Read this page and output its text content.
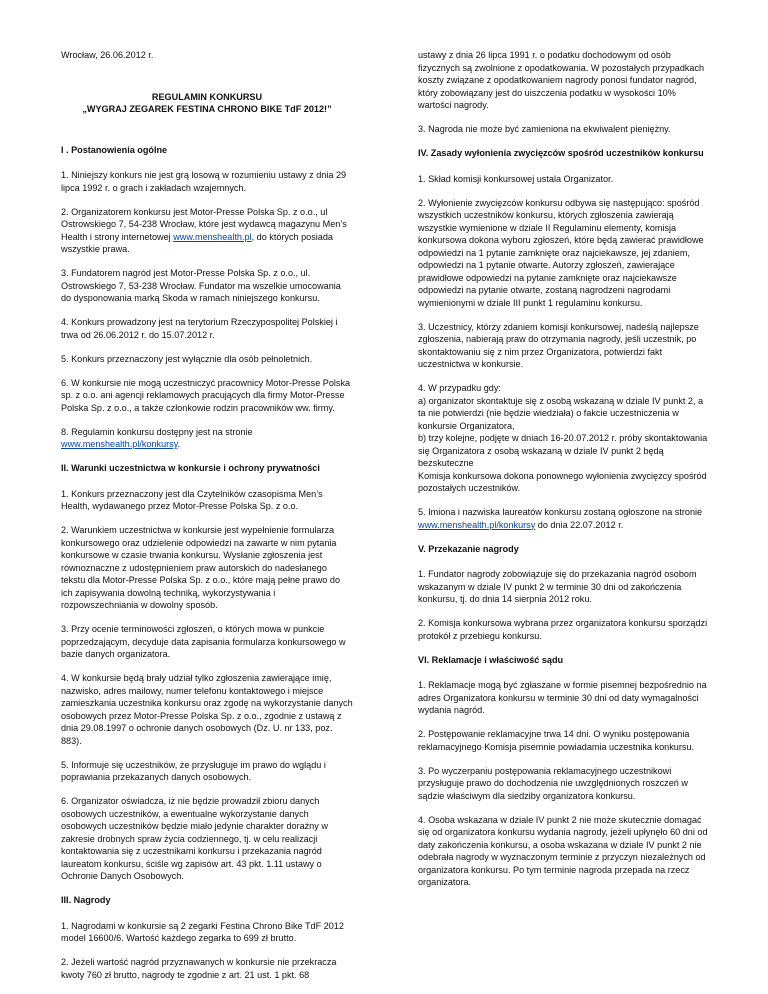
Wrocław, 26.06.2012 r.

REGULAMIN KONKURSU
„WYGRAJ ZEGAREK FESTINA CHRONO BIKE TdF 2012!”

I . Postanowienia ogólne

1. Niniejszy konkurs nie jest grą losową w rozumieniu ustawy z dnia 29 lipca 1992 r. o grach i zakładach wzajemnych.

2. Organizatorem konkursu jest Motor-Presse Polska Sp. z o.o., ul Ostrowskiego 7, 54-238 Wrocław, które jest wydawcą magazynu Men’s Health i strony internetowej www.menshealth.pl, do których posiada wszystkie prawa.

3. Fundatorem nagród jest Motor-Presse Polska Sp. z o.o., ul. Ostrowskiego 7, 53-238 Wrocław. Fundator ma wszelkie umocowania do dysponowania marką Skoda w ramach niniejszego konkursu.

4. Konkurs prowadzony jest na terytorium Rzeczypospolitej Polskiej i trwa od 26.06.2012 r. do 15.07.2012 r.

5. Konkurs przeznaczony jest wyłącznie dla osób pełnoletnich.

6. W konkursie nie mogą uczestniczyć pracownicy Motor-Presse Polska sp. z o.o. ani agencji reklamowych pracujących dla firmy Motor-Presse Polska Sp. z o.o., a także członkowie rodzin pracowników ww. firmy.

8. Regulamin konkursu dostępny jest na stronie
www.menshealth.pl/konkursy.

II. Warunki uczestnictwa w konkursie i ochrony prywatności

1. Konkurs przeznaczony jest dla Czytelników czasopisma Men’s Health, wydawanego przez Motor-Presse Polska Sp. z o.o.

2. Warunkiem uczestnictwa w konkursie jest wypełnienie formularza konkursowego oraz udzielenie odpowiedzi na zawarte w nim pytania konkursowe w czasie trwania konkursu. Wysłanie zgłoszenia jest równoznaczne z udostępnieniem praw autorskich do nadesłanego tekstu dla Motor-Presse Polska Sp. z o.o., które mają pełne prawo do ich zapisywania dowolną techniką, wykorzystywania i rozpowszechniania w dowolny sposób.

3. Przy ocenie terminowości zgłoszeń, o których mowa w punkcie poprzedzającym, decyduje data zapisania formularza konkursowego w bazie danych organizatora.

4. W konkursie będą brały udział tylko zgłoszenia zawierające imię, nazwisko, adres mailowy, numer telefonu kontaktowego i miejsce zamieszkania uczestnika konkursu oraz zgodę na wykorzystanie danych osobowych przez Motor-Presse Polska Sp. z o.o., zgodnie z ustawą z dnia 29.08.1997 o ochronie danych osobowych (Dz. U. nr 133, poz. 883).

5. Informuje się uczestników, że przysługuje im prawo do wglądu i poprawiania przekazanych danych osobowych.

6. Organizator oświadcza, iż nie będzie prowadził zbioru danych osobowych uczestników, a ewentualne wykorzystanie danych osobowych uczestników będzie miało jedynie charakter doraźny w zakresie drobnych spraw życia codziennego, tj. w celu realizacji kontaktowania się z uczestnikami konkursu i przekazania nagród laureatom konkursu, ściśle wg zapisów art. 43 pkt. 1.11 ustawy o Ochronie Danych Osobowych.

III. Nagrody

1. Nagrodami w konkursie są 2 zegarki Festina Chrono Bike TdF 2012 model 16600/6. Wartość każdego zegarka to 699 zł brutto.

2. Jeżeli wartość nagród przyznawanych w konkursie nie przekracza kwoty 760 zł brutto, nagrody te zgodnie z art. 21 ust. 1 pkt. 68

ustawy z dnia 26 lipca 1991 r. o podatku dochodowym od osób fizycznych są zwolnione z opodatkowania. W pozostałych przypadkach koszty związane z opodatkowaniem nagrody ponosi fundator nagród, który zobowiązany jest do uiszczenia podatku w wysokości 10% wartości nagrody.

3. Nagroda nie może być zamieniona na ekwiwalent pieniężny.

IV. Zasady wyłonienia zwycięzców spośród uczestników konkursu

1. Skład komisji konkursowej ustala Organizator.

2. Wyłonienie zwycięzców konkursu odbywa się następująco: spośród wszystkich uczestników konkursu, których zgłoszenia zawierają wszystkie wymienione w dziale II Regulaminu elementy, komisja konkursowa dokona wyboru zgłoszeń, które będą zawierać prawidłowe odpowiedzi na 1 pytanie zamknięte oraz najciekawsze, jej zdaniem, odpowiedzi na 1 pytanie otwarte. Autorzy zgłoszeń, zawierające prawidłowe odpowiedzi na pytanie zamknięte oraz najciekawsze odpowiedzi na pytanie otwarte, zostaną nagrodzeni nagrodami wymienionymi w dziale III punkt 1 regulaminu konkursu.

3. Uczestnicy, którzy zdaniem komisji konkursowej, nadeślą najlepsze zgłoszenia, nabierają praw do otrzymania nagrody, jeśli uczestnik, po skontaktowaniu się z nim przez Organizatora, potwierdzi fakt uczestnictwa w konkursie.

4. W przypadku gdy:
a) organizator skontaktuje się z osobą wskazaną w dziale IV punkt 2, a ta nie potwierdzi (nie będzie wiedziała) o fakcie uczestniczenia w konkursie Organizatora,
b) trzy kolejne, podjęte w dniach 16-20.07.2012 r. próby skontaktowania się Organizatora z osobą wskazaną w dziale IV punkt 2 będą bezskuteczne
Komisja konkursowa dokona ponownego wyłonienia zwycięzcy spośród pozostałych uczestników.

5. Imiona i nazwiska laureatów konkursu zostaną ogłoszone na stronie www.menshealth.pl/konkursy do dnia 22.07.2012 r.

V. Przekazanie nagrody

1. Fundator nagrody zobowiązuje się do przekazania nagród osobom wskazanym w dziale IV punkt 2 w terminie 30 dni od zakończenia konkursu, tj. do dnia 14 sierpnia 2012 roku.

2. Komisja konkursowa wybrana przez organizatora konkursu sporządzi protokół z przebiegu konkursu.

VI. Reklamacje i właściwość sądu

1. Reklamacje mogą być zgłaszane w formie pisemnej bezpośrednio na adres Organizatora konkursu w terminie 30 dni od daty wymagalności wydania nagród.

2. Postępowanie reklamacyjne trwa 14 dni. O wyniku postępowania reklamacyjnego Komisja pisemnie powiadamia uczestnika konkursu.

3. Po wyczerpaniu postępowania reklamacyjnego uczestnikowi przysługuje prawo do dochodzenia nie uwzględnionych roszczeń w sądzie właściwym dla siedziby organizatora konkursu.

4. Osoba wskazana w dziale IV punkt 2 nie może skutecznie domagać się od organizatora konkursu wydania nagrody, jeżeli upłynęło 60 dni od daty zakończenia konkursu, a osoba wskazana w dziale IV punkt 2 nie odebrała nagrody w wyznaczonym terminie z przyczyn niezależnych od organizatora konkursu. Po tym terminie nagroda przepada na rzecz organizatora.
